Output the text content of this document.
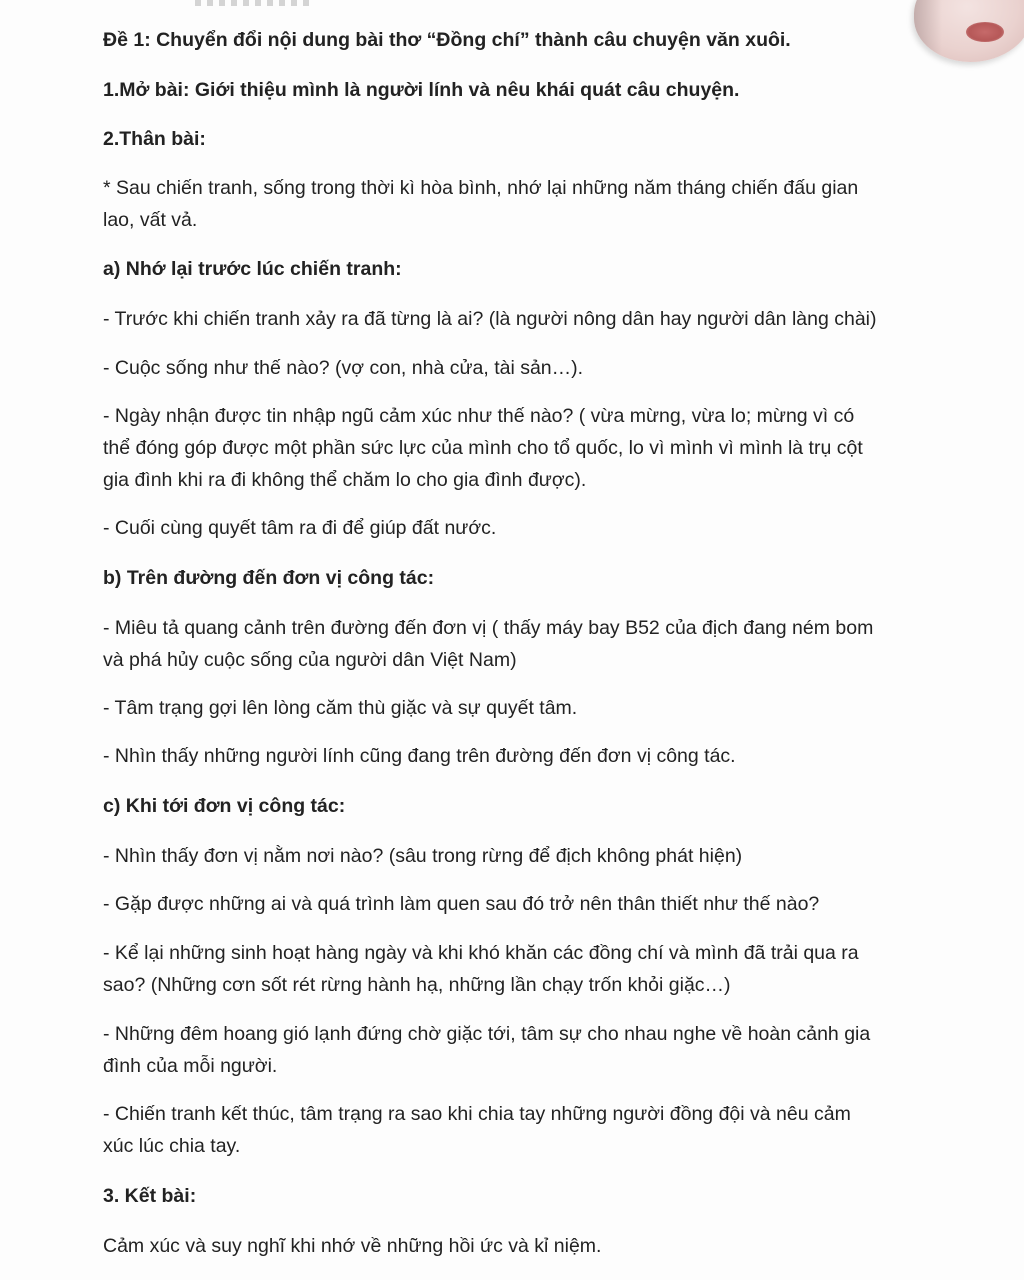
Đề 1: Chuyển đổi nội dung bài thơ “Đồng chí” thành câu chuyện văn xuôi.
1.Mở bài: Giới thiệu mình là người lính và nêu khái quát câu chuyện.
2.Thân bài:
* Sau chiến tranh, sống trong thời kì hòa bình, nhớ lại những năm tháng chiến đấu gian
lao, vất vả.
a) Nhớ lại trước lúc chiến tranh:
- Trước khi chiến tranh xảy ra đã từng là ai? (là người nông dân hay người dân làng chài)
- Cuộc sống như thế nào? (vợ con, nhà cửa, tài sản…).
- Ngày nhận được tin nhập ngũ cảm xúc như thế nào? ( vừa mừng, vừa lo; mừng vì có
thể đóng góp được một phần sức lực của mình cho tổ quốc, lo vì mình vì mình là trụ cột
gia đình khi ra đi không thể chăm lo cho gia đình được).
- Cuối cùng quyết tâm ra đi để giúp đất nước.
b) Trên đường đến đơn vị công tác:
- Miêu tả quang cảnh trên đường đến đơn vị ( thấy máy bay B52 của địch đang ném bom
và phá hủy cuộc sống của người dân Việt Nam)
- Tâm trạng gợi lên lòng căm thù giặc và sự quyết tâm.
- Nhìn thấy những người lính cũng đang trên đường đến đơn vị công tác.
c) Khi tới đơn vị công tác:
- Nhìn thấy đơn vị nằm nơi nào? (sâu trong rừng để địch không phát hiện)
- Gặp được những ai và quá trình làm quen sau đó trở nên thân thiết như thế nào?
- Kể lại những sinh hoạt hàng ngày và khi khó khăn các đồng chí và mình đã trải qua ra
sao? (Những cơn sốt rét rừng hành hạ, những lần chạy trốn khỏi giặc…)
- Những đêm hoang gió lạnh đứng chờ giặc tới, tâm sự cho nhau nghe về hoàn cảnh gia
đình của mỗi người.
- Chiến tranh kết thúc, tâm trạng ra sao khi chia tay những người đồng đội và nêu cảm
xúc lúc chia tay.
3. Kết bài:
Cảm xúc và suy nghĩ khi nhớ về những hồi ức và kỉ niệm.
